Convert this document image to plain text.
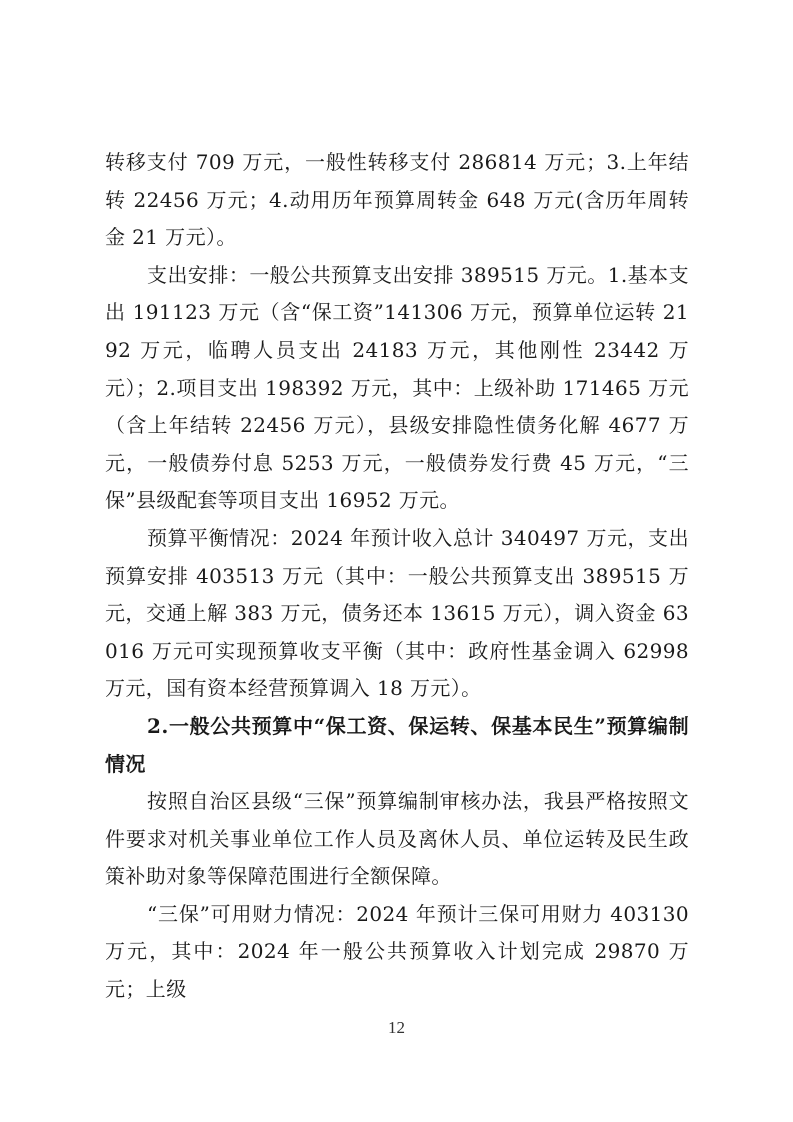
转移支付 709 万元，一般性转移支付 286814 万元；3.上年结转 22456 万元；4.动用历年预算周转金 648 万元(含历年周转金 21 万元）。

支出安排：一般公共预算支出安排 389515 万元。1.基本支出 191123 万元（含“保工资”141306 万元，预算单位运转 2192 万元，临聘人员支出 24183 万元，其他刚性 23442 万元）；2.项目支出 198392 万元，其中：上级补助 171465 万元（含上年结转 22456 万元），县级安排隐性债务化解 4677 万元，一般债券付息 5253 万元，一般债券发行费 45 万元，“三保”县级配套等项目支出 16952 万元。

预算平衡情况：2024 年预计收入总计 340497 万元，支出预算安排 403513 万元（其中：一般公共预算支出 389515 万元，交通上解 383 万元，债务还本 13615 万元），调入资金 63016 万元可实现预算收支平衡（其中：政府性基金调入 62998 万元，国有资本经营预算调入 18 万元）。

2.一般公共预算中“保工资、保运转、保基本民生”预算编制情况

按照自治区县级“三保”预算编制审核办法，我县严格按照文件要求对机关事业单位工作人员及离休人员、单位运转及民生政策补助对象等保障范围进行全额保障。

“三保”可用财力情况：2024 年预计三保可用财力 403130 万元，其中：2024 年一般公共预算收入计划完成 29870 万元；上级

12
